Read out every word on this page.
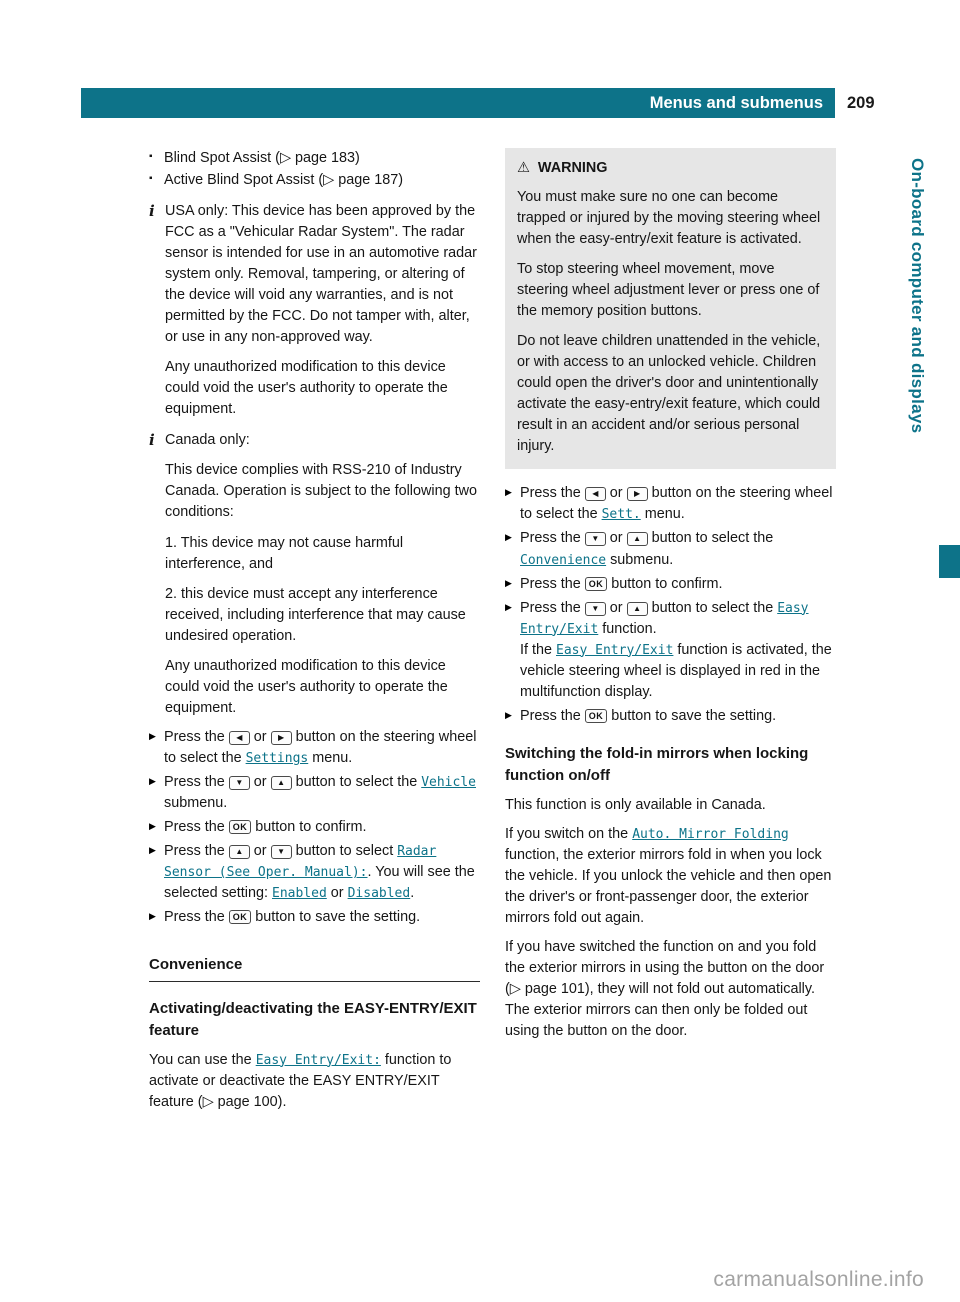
Menus and submenus 209
▪ Blind Spot Assist (▷ page 183)
▪ Active Blind Spot Assist (▷ page 187)
i USA only: This device has been approved by the FCC as a "Vehicular Radar System". The radar sensor is intended for use in an automotive radar system only. Removal, tampering, or altering of the device will void any warranties, and is not permitted by the FCC. Do not tamper with, alter, or use in any non-approved way.

Any unauthorized modification to this device could void the user's authority to operate the equipment.

i Canada only:

This device complies with RSS-210 of Industry Canada. Operation is subject to the following two conditions:

1. This device may not cause harmful interference, and

2. this device must accept any interference received, including interference that may cause undesired operation.

Any unauthorized modification to this device could void the user's authority to operate the equipment.

▶ Press the ◀ or ▶ button on the steering wheel to select the Settings menu.
▶ Press the ▼ or ▲ button to select the Vehicle submenu.
▶ Press the OK button to confirm.
▶ Press the ▲ or ▼ button to select Radar Sensor (See Oper. Manual):. You will see the selected setting: Enabled or Disabled.
▶ Press the OK button to save the setting.
Convenience
Activating/deactivating the EASY-ENTRY/EXIT feature
You can use the Easy Entry/Exit: function to activate or deactivate the EASY ENTRY/EXIT feature (▷ page 100).
⚠ WARNING

You must make sure no one can become trapped or injured by the moving steering wheel when the easy-entry/exit feature is activated.

To stop steering wheel movement, move steering wheel adjustment lever or press one of the memory position buttons.

Do not leave children unattended in the vehicle, or with access to an unlocked vehicle. Children could open the driver's door and unintentionally activate the easy-entry/exit feature, which could result in an accident and/or serious personal injury.

▶ Press the ◀ or ▶ button on the steering wheel to select the Sett. menu.
▶ Press the ▼ or ▲ button to select the Convenience submenu.
▶ Press the OK button to confirm.
▶ Press the ▼ or ▲ button to select the Easy Entry/Exit function.
If the Easy Entry/Exit function is activated, the vehicle steering wheel is displayed in red in the multifunction display.
▶ Press the OK button to save the setting.
Switching the fold-in mirrors when locking function on/off
This function is only available in Canada.
If you switch on the Auto. Mirror Folding function, the exterior mirrors fold in when you lock the vehicle. If you unlock the vehicle and then open the driver's or front-passenger door, the exterior mirrors fold out again.
If you have switched the function on and you fold the exterior mirrors in using the button on the door (▷ page 101), they will not fold out automatically. The exterior mirrors can then only be folded out using the button on the door.
On-board computer and displays
carmanualsonline.info
